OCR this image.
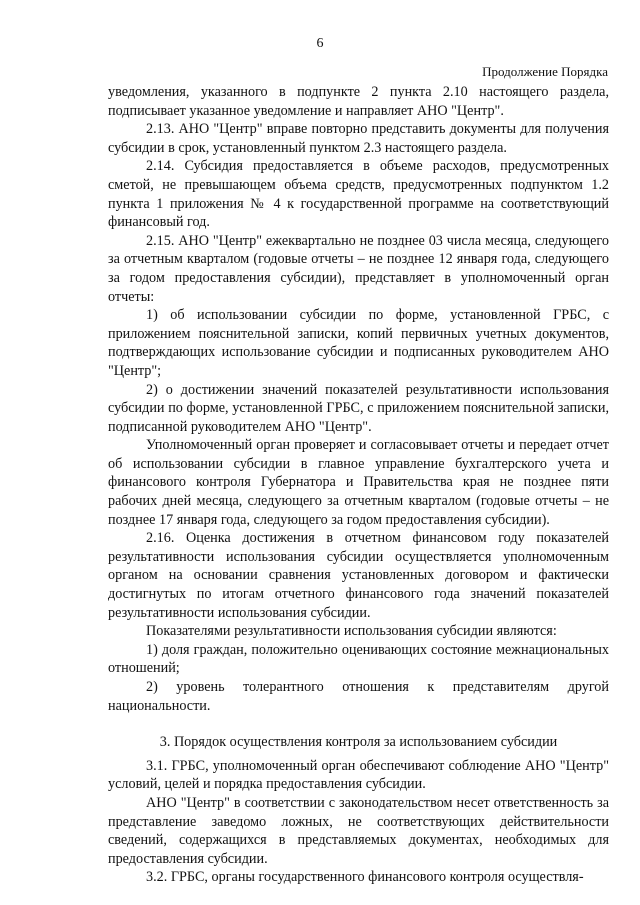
6
Продолжение Порядка

уведомления, указанного в подпункте 2 пункта 2.10 настоящего раздела, подписывает указанное уведомление и направляет АНО "Центр".

2.13. АНО "Центр" вправе повторно представить документы для получения субсидии в срок, установленный пунктом 2.3 настоящего раздела.

2.14. Субсидия предоставляется в объеме расходов, предусмотренных сметой, не превышающем объема средств, предусмотренных подпунктом 1.2 пункта 1 приложения № 4 к государственной программе на соответствующий финансовый год.

2.15. АНО "Центр" ежеквартально не позднее 03 числа месяца, следующего за отчетным кварталом (годовые отчеты – не позднее 12 января года, следующего за годом предоставления субсидии), представляет в уполномоченный орган отчеты:

1) об использовании субсидии по форме, установленной ГРБС, с приложением пояснительной записки, копий первичных учетных документов, подтверждающих использование субсидии и подписанных руководителем АНО "Центр";

2) о достижении значений показателей результативности использования субсидии по форме, установленной ГРБС, с приложением пояснительной записки, подписанной руководителем АНО "Центр".

Уполномоченный орган проверяет и согласовывает отчеты и передает отчет об использовании субсидии в главное управление бухгалтерского учета и финансового контроля Губернатора и Правительства края не позднее пяти рабочих дней месяца, следующего за отчетным кварталом (годовые отчеты – не позднее 17 января года, следующего за годом предоставления субсидии).

2.16. Оценка достижения в отчетном финансовом году показателей результативности использования субсидии осуществляется уполномоченным органом на основании сравнения установленных договором и фактически достигнутых по итогам отчетного финансового года значений показателей результативности использования субсидии.

Показателями результативности использования субсидии являются:

1) доля граждан, положительно оценивающих состояние межнациональных отношений;

2) уровень толерантного отношения к представителям другой национальности.

3. Порядок осуществления контроля за использованием субсидии

3.1. ГРБС, уполномоченный орган обеспечивают соблюдение АНО "Центр" условий, целей и порядка предоставления субсидии.

АНО "Центр" в соответствии с законодательством несет ответственность за представление заведомо ложных, не соответствующих действительности сведений, содержащихся в представляемых документах, необходимых для предоставления субсидии.

3.2. ГРБС, органы государственного финансового контроля осуществля-
